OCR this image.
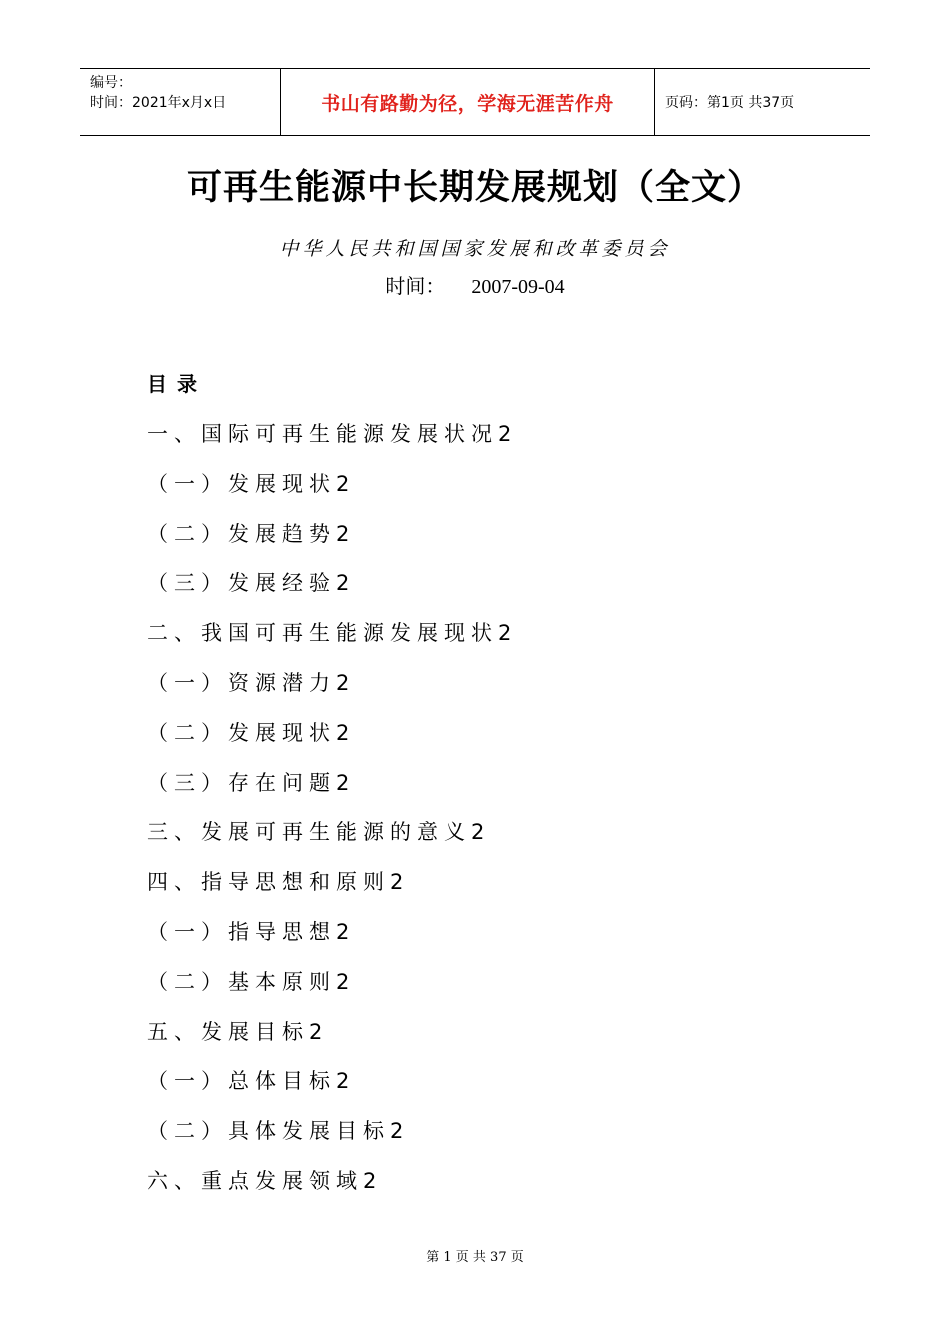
编号：
时间：2021年x月x日	书山有路勤为径，学海无涯苦作舟	页码：第1页 共37页
可再生能源中长期发展规划（全文）
中华人民共和国国家发展和改革委员会
时间： 2007-09-04
目录
一、国际可再生能源发展状况2
（一）发展现状2
（二）发展趋势2
（三）发展经验2
二、我国可再生能源发展现状2
（一）资源潜力2
（二）发展现状2
（三）存在问题2
三、发展可再生能源的意义2
四、指导思想和原则2
（一）指导思想2
（二）基本原则2
五、发展目标2
（一）总体目标2
（二）具体发展目标2
六、重点发展领域2
第 1 页 共 37 页
